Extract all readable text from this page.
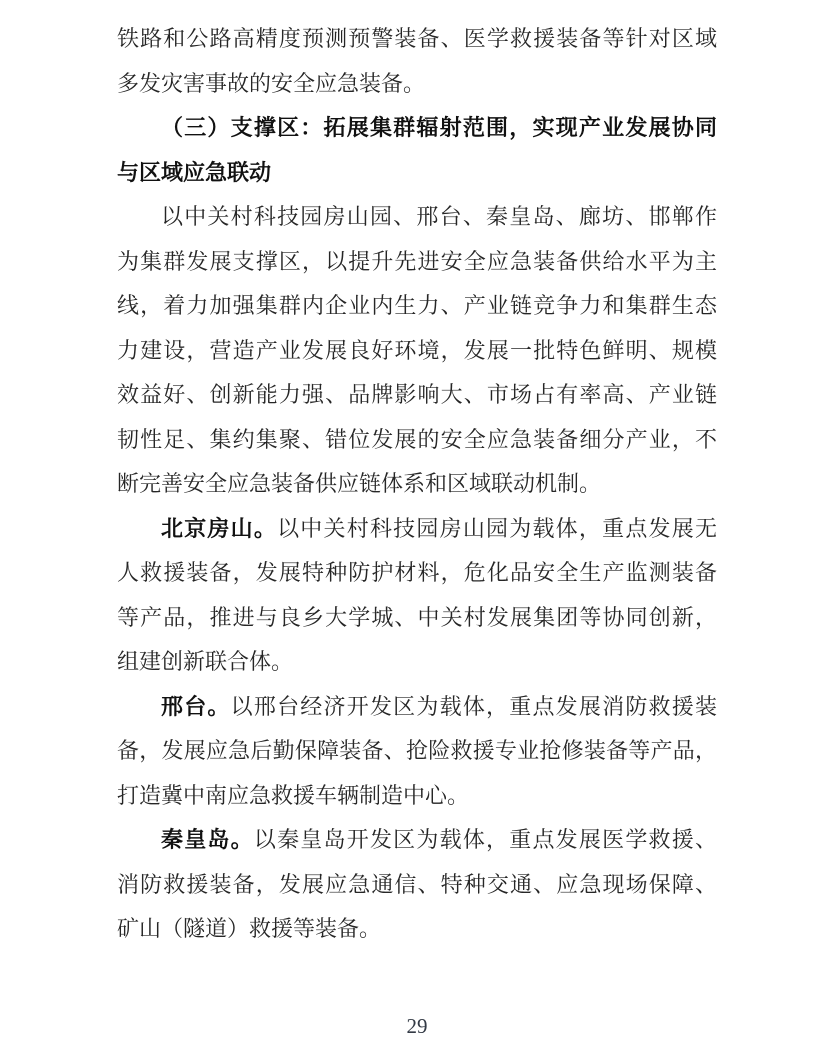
铁路和公路高精度预测预警装备、医学救援装备等针对区域
多发灾害事故的安全应急装备。
（三）支撑区：拓展集群辐射范围，实现产业发展协同
与区域应急联动
以中关村科技园房山园、邢台、秦皇岛、廊坊、邯郸作
为集群发展支撑区，以提升先进安全应急装备供给水平为主
线，着力加强集群内企业内生力、产业链竞争力和集群生态
力建设，营造产业发展良好环境，发展一批特色鲜明、规模
效益好、创新能力强、品牌影响大、市场占有率高、产业链
韧性足、集约集聚、错位发展的安全应急装备细分产业，不
断完善安全应急装备供应链体系和区域联动机制。
北京房山。以中关村科技园房山园为载体，重点发展无
人救援装备，发展特种防护材料，危化品安全生产监测装备
等产品，推进与良乡大学城、中关村发展集团等协同创新，
组建创新联合体。
邢台。以邢台经济开发区为载体，重点发展消防救援装
备，发展应急后勤保障装备、抢险救援专业抢修装备等产品，
打造冀中南应急救援车辆制造中心。
秦皇岛。以秦皇岛开发区为载体，重点发展医学救援、
消防救援装备，发展应急通信、特种交通、应急现场保障、
矿山（隧道）救援等装备。
29
